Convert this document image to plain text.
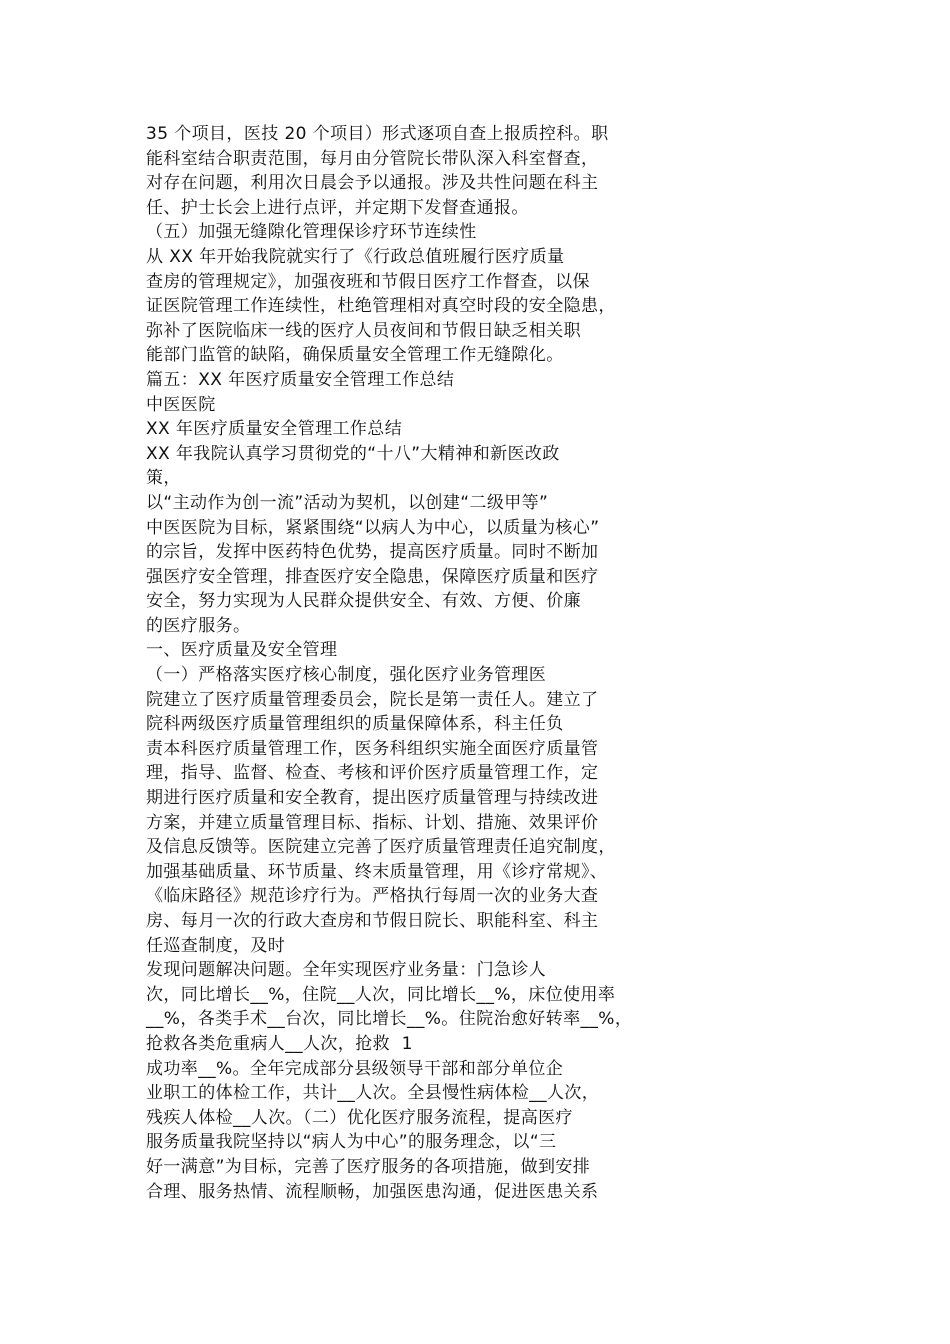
35 个项目，医技 20 个项目）形式逐项自查上报质控科。职
能科室结合职责范围，每月由分管院长带队深入科室督查，
对存在问题，利用次日晨会予以通报。涉及共性问题在科主
任、护士长会上进行点评，并定期下发督查通报。
（五）加强无缝隙化管理保诊疗环节连续性
从 XX 年开始我院就实行了《行政总值班履行医疗质量
查房的管理规定》，加强夜班和节假日医疗工作督查，以保
证医院管理工作连续性，杜绝管理相对真空时段的安全隐患，
弥补了医院临床一线的医疗人员夜间和节假日缺乏相关职
能部门监管的缺陷，确保质量安全管理工作无缝隙化。
篇五：XX 年医疗质量安全管理工作总结
中医医院
XX 年医疗质量安全管理工作总结
XX 年我院认真学习贯彻党的“十八”大精神和新医改政
策，
以“主动作为创一流”活动为契机，以创建“二级甲等”
中医医院为目标，紧紧围绕“以病人为中心，以质量为核心”
的宗旨，发挥中医药特色优势，提高医疗质量。同时不断加
强医疗安全管理，排查医疗安全隐患，保障医疗质量和医疗
安全，努力实现为人民群众提供安全、有效、方便、价廉
的医疗服务。
一、医疗质量及安全管理
（一）严格落实医疗核心制度，强化医疗业务管理医
院建立了医疗质量管理委员会，院长是第一责任人。建立了
院科两级医疗质量管理组织的质量保障体系，科主任负
责本科医疗质量管理工作，医务科组织实施全面医疗质量管
理，指导、监督、检查、考核和评价医疗质量管理工作，定
期进行医疗质量和安全教育，提出医疗质量管理与持续改进
方案，并建立质量管理目标、指标、计划、措施、效果评价
及信息反馈等。医院建立完善了医疗质量管理责任追究制度，
加强基础质量、环节质量、终末质量管理，用《诊疗常规》、
《临床路径》规范诊疗行为。严格执行每周一次的业务大查
房、每月一次的行政大查房和节假日院长、职能科室、科主
任巡查制度，及时
发现问题解决问题。全年实现医疗业务量：门急诊人
次，同比增长__%，住院__人次，同比增长__%，床位使用率
__%，各类手术__台次，同比增长__%。住院治愈好转率__%，
抢救各类危重病人__人次，抢救  1
成功率__%。全年完成部分县级领导干部和部分单位企
业职工的体检工作，共计__人次。全县慢性病体检__人次，
残疾人体检__人次。（二）优化医疗服务流程，提高医疗
服务质量我院坚持以“病人为中心”的服务理念，以“三
好一满意”为目标，完善了医疗服务的各项措施，做到安排
合理、服务热情、流程顺畅，加强医患沟通，促进医患关系
